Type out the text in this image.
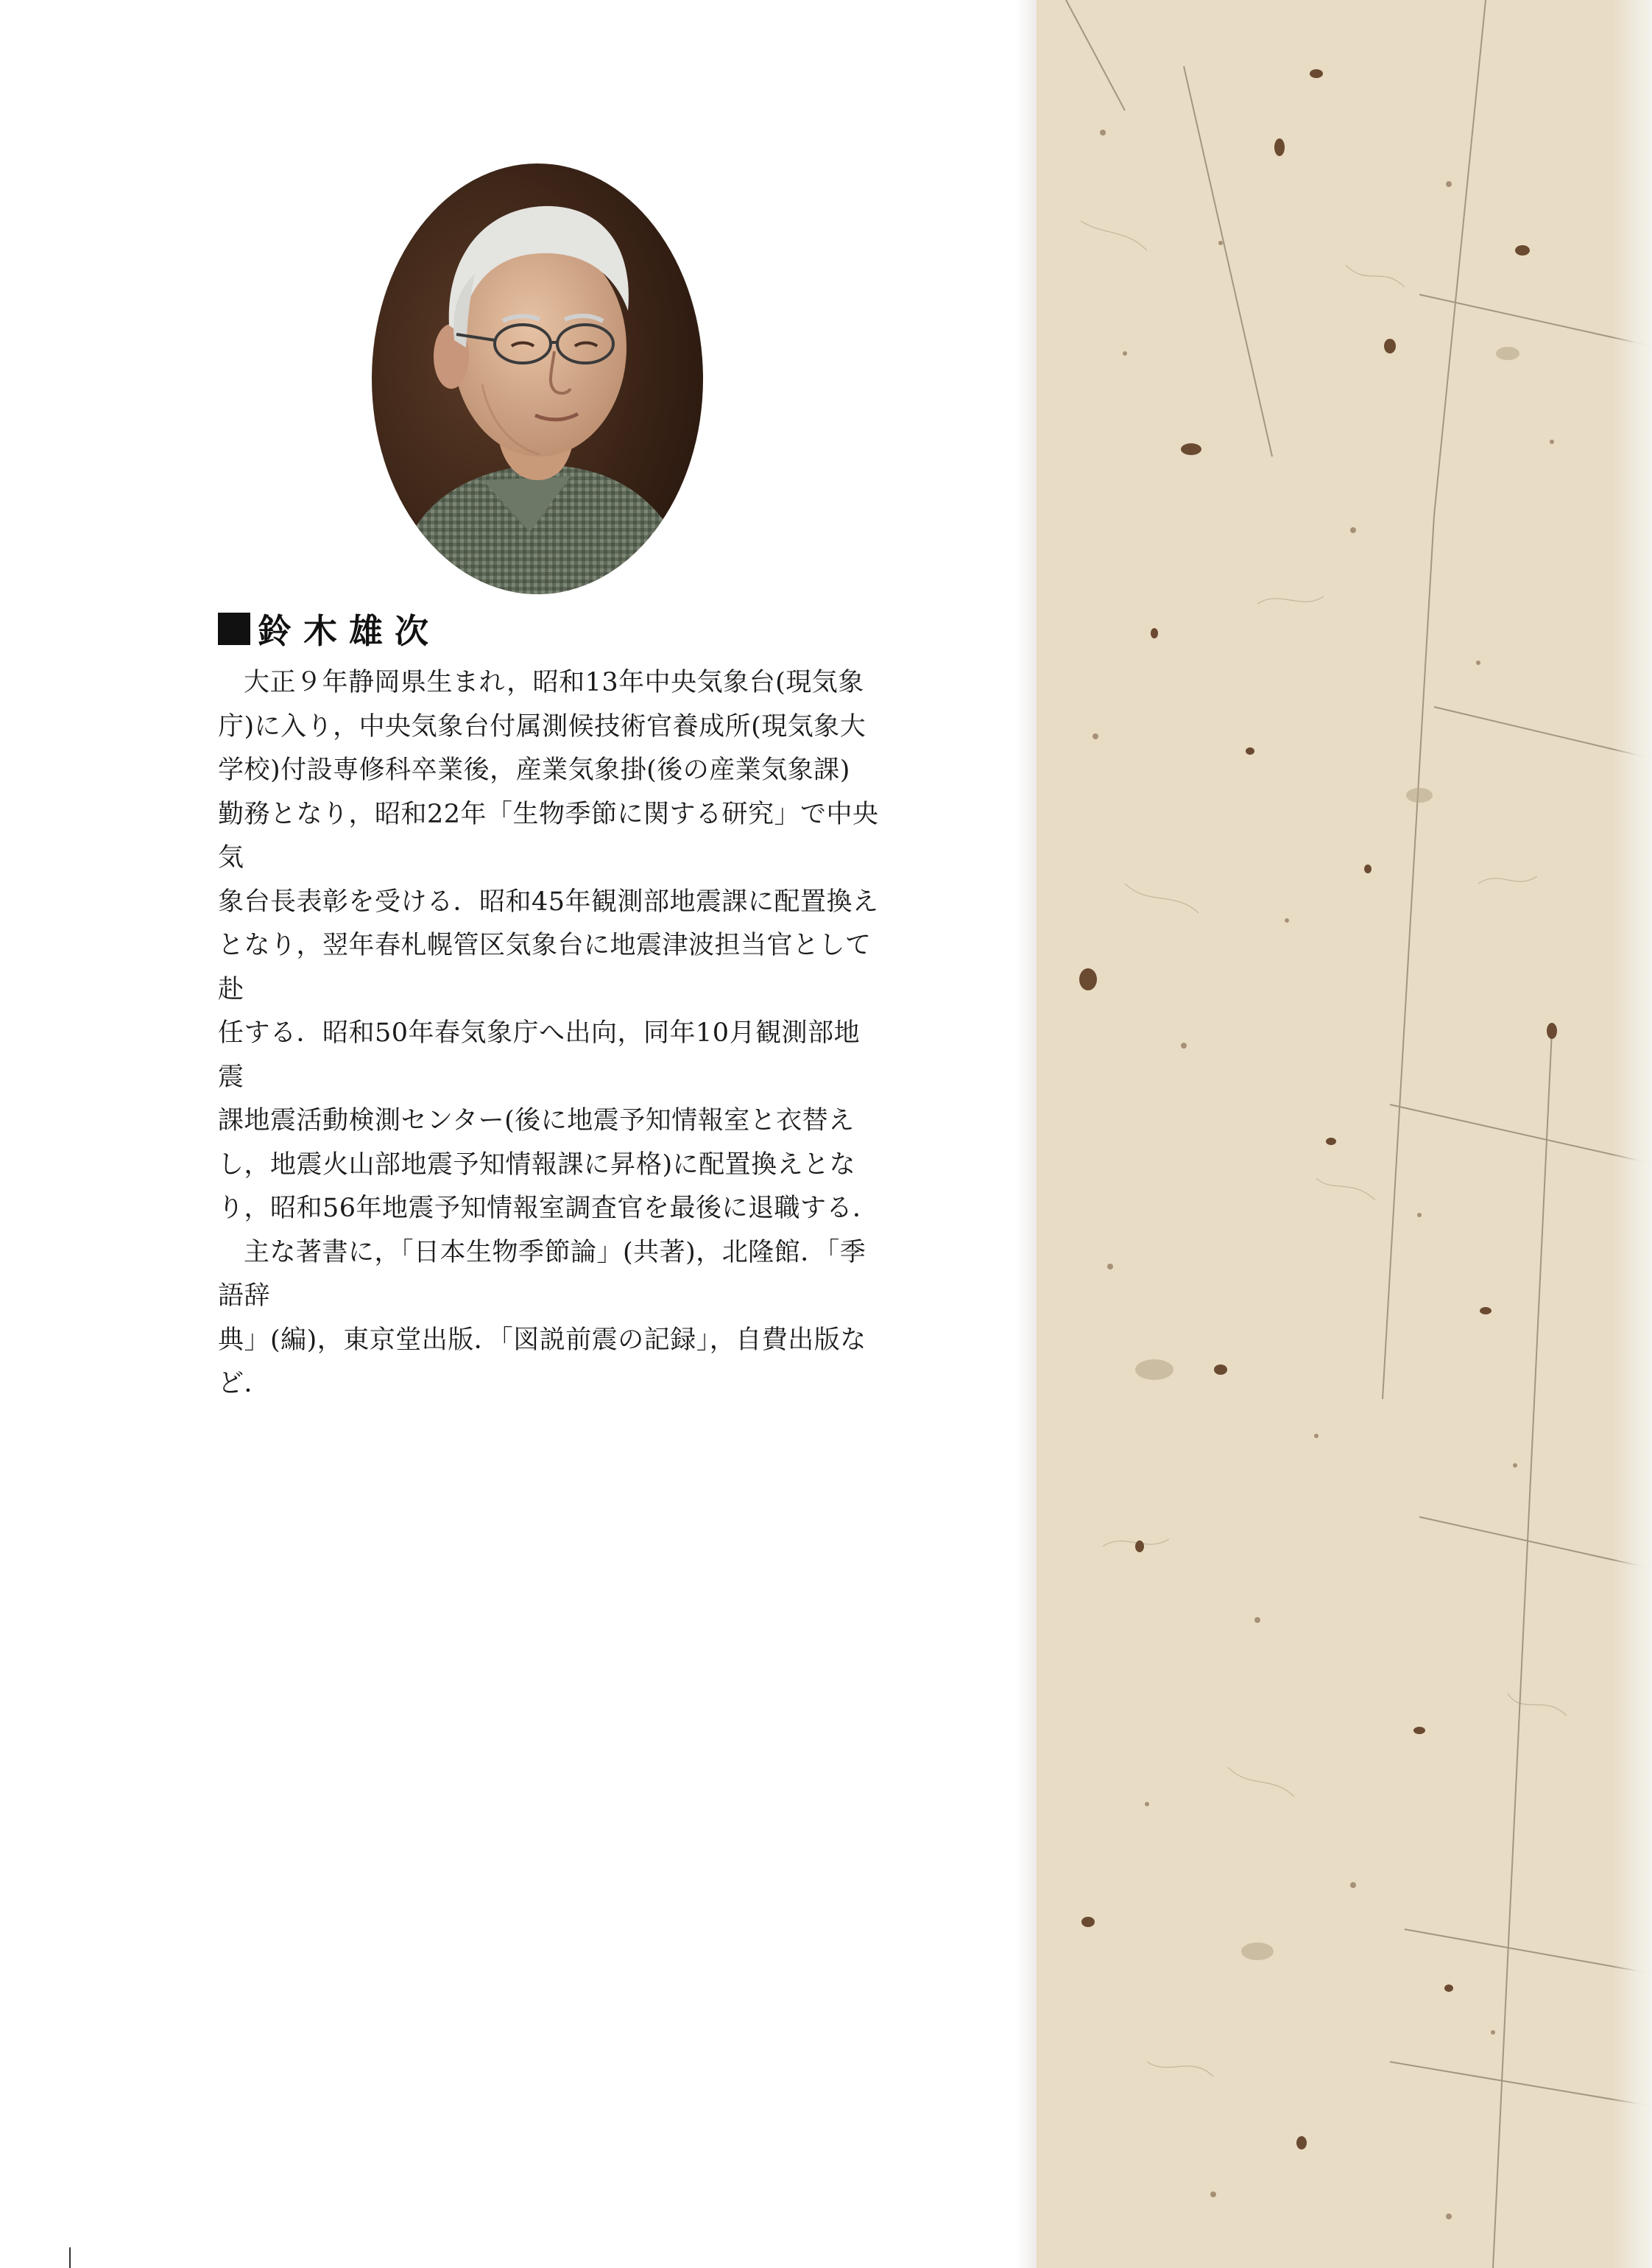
鈴木雄次

大正９年静岡県生まれ，昭和13年中央気象台(現気象
庁)に入り，中央気象台付属測候技術官養成所(現気象大
学校)付設専修科卒業後，産業気象掛(後の産業気象課)
勤務となり，昭和22年「生物季節に関する研究」で中央気
象台長表彰を受ける．昭和45年観測部地震課に配置換え
となり，翌年春札幌管区気象台に地震津波担当官として赴
任する．昭和50年春気象庁へ出向，同年10月観測部地震
課地震活動検測センター(後に地震予知情報室と衣替え
し，地震火山部地震予知情報課に昇格)に配置換えとな
り，昭和56年地震予知情報室調査官を最後に退職する．

主な著書に，「日本生物季節論」(共著)，北隆館．「季語辞
典」(編)，東京堂出版．「図説前震の記録」，自費出版など．
